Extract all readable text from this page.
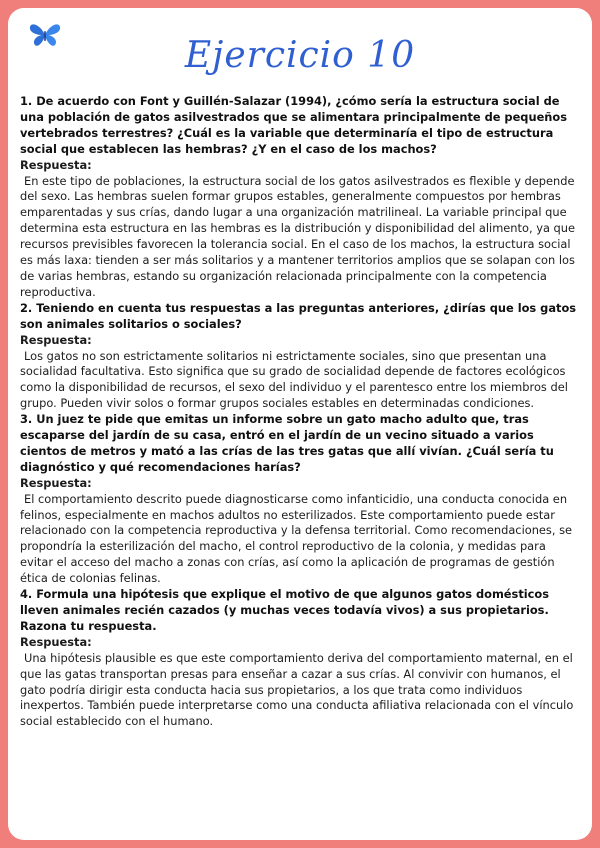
Ejercicio 10

1. De acuerdo con Font y Guillén-Salazar (1994), ¿cómo sería la estructura social de una población de gatos asilvestrados que se alimentara principalmente de pequeños vertebrados terrestres? ¿Cuál es la variable que determinaría el tipo de estructura social que establecen las hembras? ¿Y en el caso de los machos?

Respuesta:

En este tipo de poblaciones, la estructura social de los gatos asilvestrados es flexible y depende del sexo. Las hembras suelen formar grupos estables, generalmente compuestos por hembras emparentadas y sus crías, dando lugar a una organización matrilineal. La variable principal que determina esta estructura en las hembras es la distribución y disponibilidad del alimento, ya que recursos previsibles favorecen la tolerancia social. En el caso de los machos, la estructura social es más laxa: tienden a ser más solitarios y a mantener territorios amplios que se solapan con los de varias hembras, estando su organización relacionada principalmente con la competencia reproductiva.

2. Teniendo en cuenta tus respuestas a las preguntas anteriores, ¿dirías que los gatos son animales solitarios o sociales?

Respuesta:

Los gatos no son estrictamente solitarios ni estrictamente sociales, sino que presentan una socialidad facultativa. Esto significa que su grado de socialidad depende de factores ecológicos como la disponibilidad de recursos, el sexo del individuo y el parentesco entre los miembros del grupo. Pueden vivir solos o formar grupos sociales estables en determinadas condiciones.

3. Un juez te pide que emitas un informe sobre un gato macho adulto que, tras escaparse del jardín de su casa, entró en el jardín de un vecino situado a varios cientos de metros y mató a las crías de las tres gatas que allí vivían. ¿Cuál sería tu diagnóstico y qué recomendaciones harías?

Respuesta:

El comportamiento descrito puede diagnosticarse como infanticidio, una conducta conocida en felinos, especialmente en machos adultos no esterilizados. Este comportamiento puede estar relacionado con la competencia reproductiva y la defensa territorial. Como recomendaciones, se propondría la esterilización del macho, el control reproductivo de la colonia, y medidas para evitar el acceso del macho a zonas con crías, así como la aplicación de programas de gestión ética de colonias felinas.

4. Formula una hipótesis que explique el motivo de que algunos gatos domésticos lleven animales recién cazados (y muchas veces todavía vivos) a sus propietarios. Razona tu respuesta.

Respuesta:

Una hipótesis plausible es que este comportamiento deriva del comportamiento maternal, en el que las gatas transportan presas para enseñar a cazar a sus crías. Al convivir con humanos, el gato podría dirigir esta conducta hacia sus propietarios, a los que trata como individuos inexpertos. También puede interpretarse como una conducta afiliativa relacionada con el vínculo social establecido con el humano.
